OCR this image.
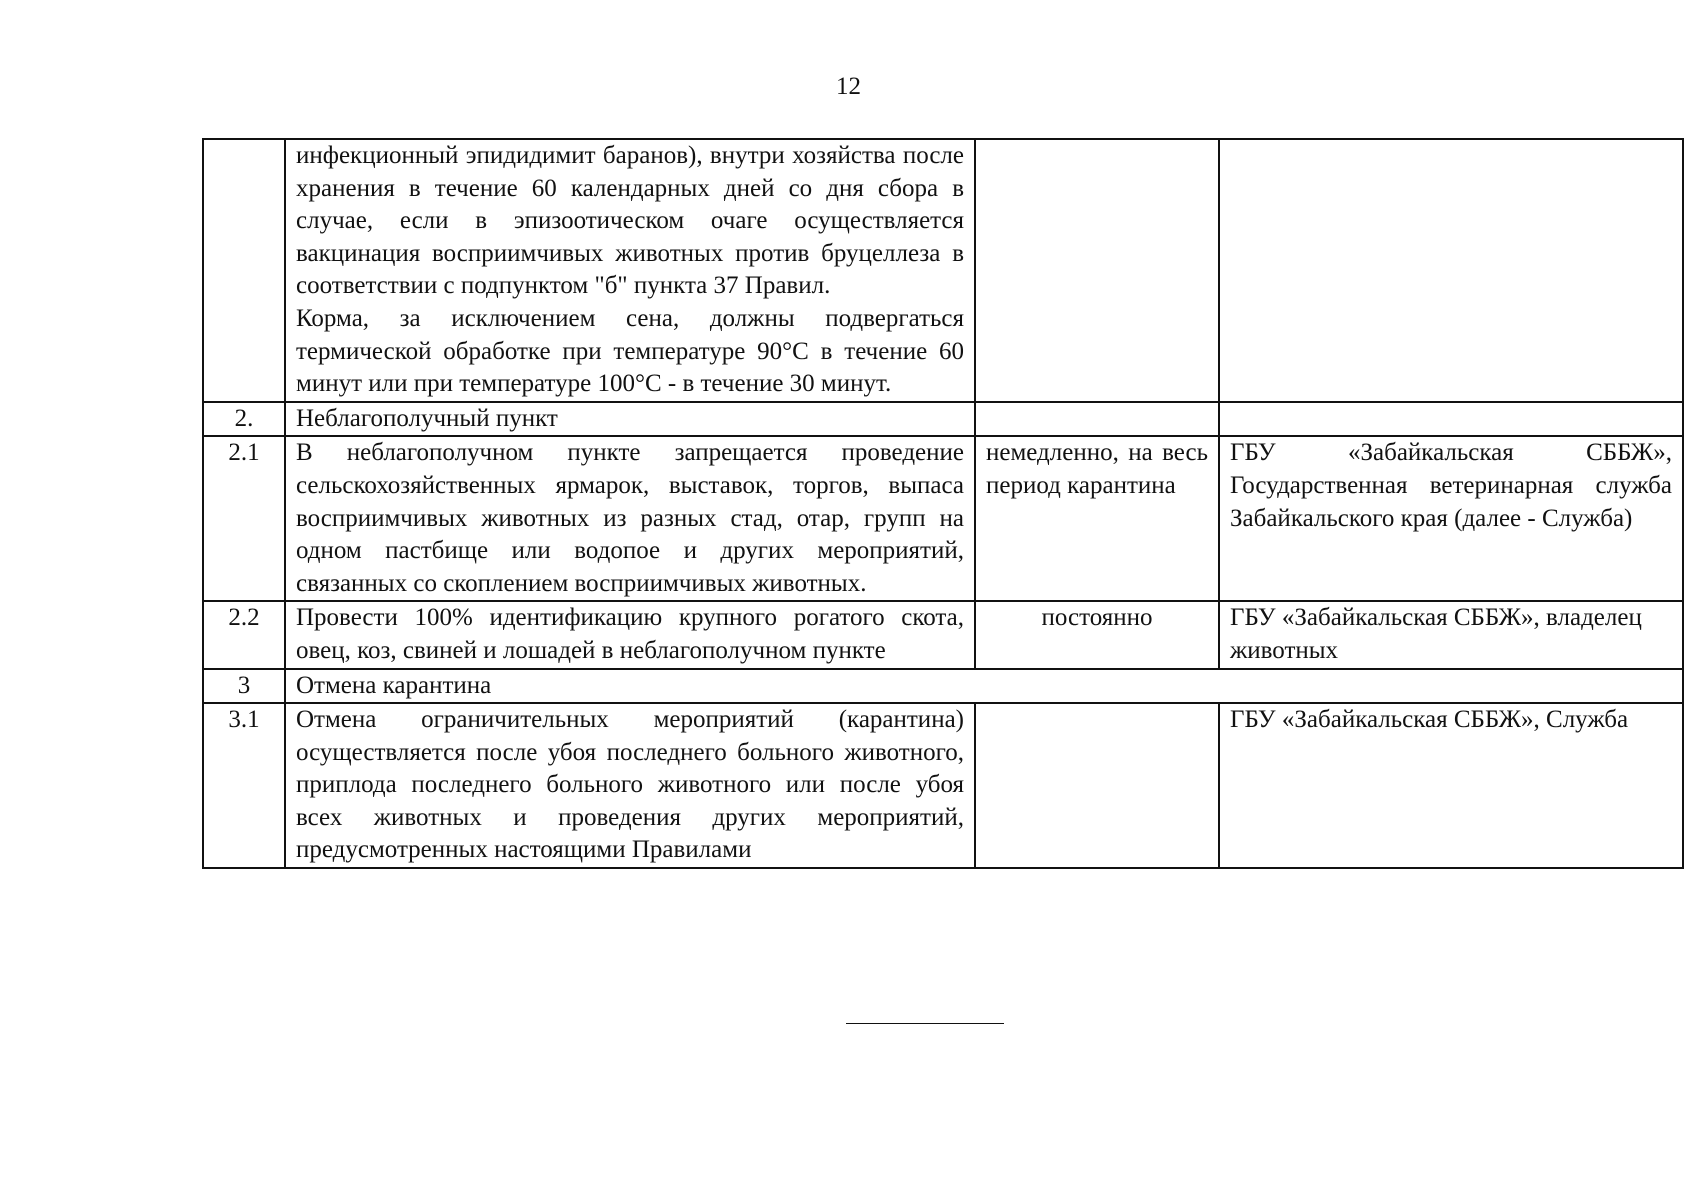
12

	инфекционный эпидидимит баранов), внутри хозяйства после хранения в течение 60 календарных дней со дня сбора в случае, если в эпизоотическом очаге осуществляется вакцинация восприимчивых животных против бруцеллеза в соответствии с подпунктом "б" пункта 37 Правил.
Корма, за исключением сена, должны подвергаться термической обработке при температуре 90°С в течение 60 минут или при температуре 100°С - в течение 30 минут.		

2.	Неблагополучный пункт		
2.1	В неблагополучном пункте запрещается проведение сельскохозяйственных ярмарок, выставок, торгов, выпаса восприимчивых животных из разных стад, отар, групп на одном пастбище или водопое и других мероприятий, связанных со скоплением восприимчивых животных.	немедленно, на весь период карантина	ГБУ «Забайкальская СББЖ», Государственная ветеринарная служба Забайкальского края (далее - Служба)

2.2	Провести 100% идентификацию крупного рогатого скота, овец, коз, свиней и лошадей в неблагополучном пункте	постоянно	ГБУ «Забайкальская СББЖ», владелец животных
3	Отмена карантина		
3.1	Отмена ограничительных мероприятий (карантина) осуществляется после убоя последнего больного животного, приплода последнего больного животного или после убоя всех животных и проведения других мероприятий, предусмотренных настоящими Правилами		ГБУ «Забайкальская СББЖ», Служба
